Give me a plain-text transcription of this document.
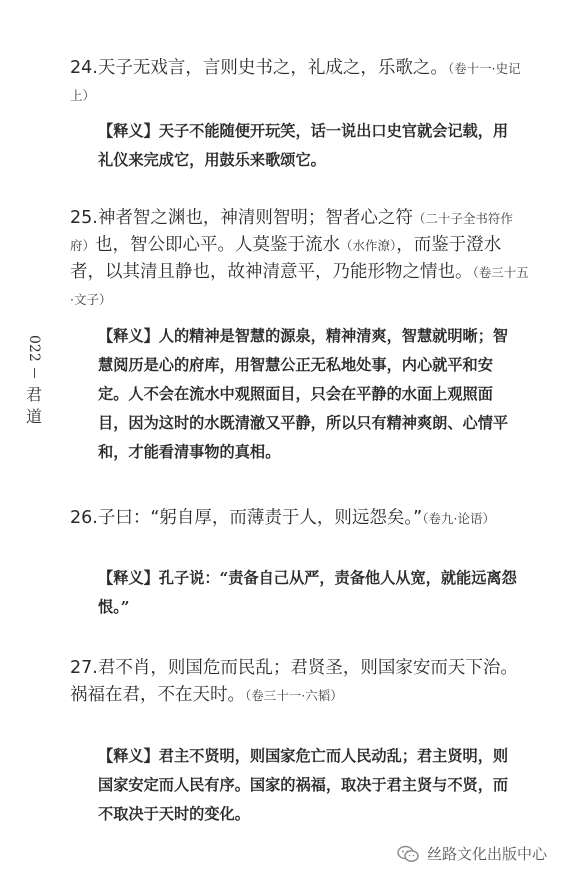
022
君
道
24.天子无戏言，言则史书之，礼成之，乐歌之。（卷十一·史记上）
【释义】天子不能随便开玩笑，话一说出口史官就会记载，用礼仪来完成它，用鼓乐来歌颂它。
25.神者智之渊也，神清则智明；智者心之符（二十子全书符作府）也，智公即心平。人莫鉴于流水（水作潦），而鉴于澄水者，以其清且静也，故神清意平，乃能形物之情也。（卷三十五·文子）
【释义】人的精神是智慧的源泉，精神清爽，智慧就明晰；智慧阅历是心的府库，用智慧公正无私地处事，内心就平和安定。人不会在流水中观照面目，只会在平静的水面上观照面目，因为这时的水既清澈又平静，所以只有精神爽朗、心情平和，才能看清事物的真相。
26.子曰：“躬自厚，而薄责于人，则远怨矣。”（卷九·论语）
【释义】孔子说：“责备自己从严，责备他人从宽，就能远离怨恨。”
27.君不肖，则国危而民乱；君贤圣，则国家安而天下治。祸福在君，不在天时。（卷三十一·六韬）
【释义】君主不贤明，则国家危亡而人民动乱；君主贤明，则国家安定而人民有序。国家的祸福，取决于君主贤与不贤，而不取决于天时的变化。
丝路文化出版中心
